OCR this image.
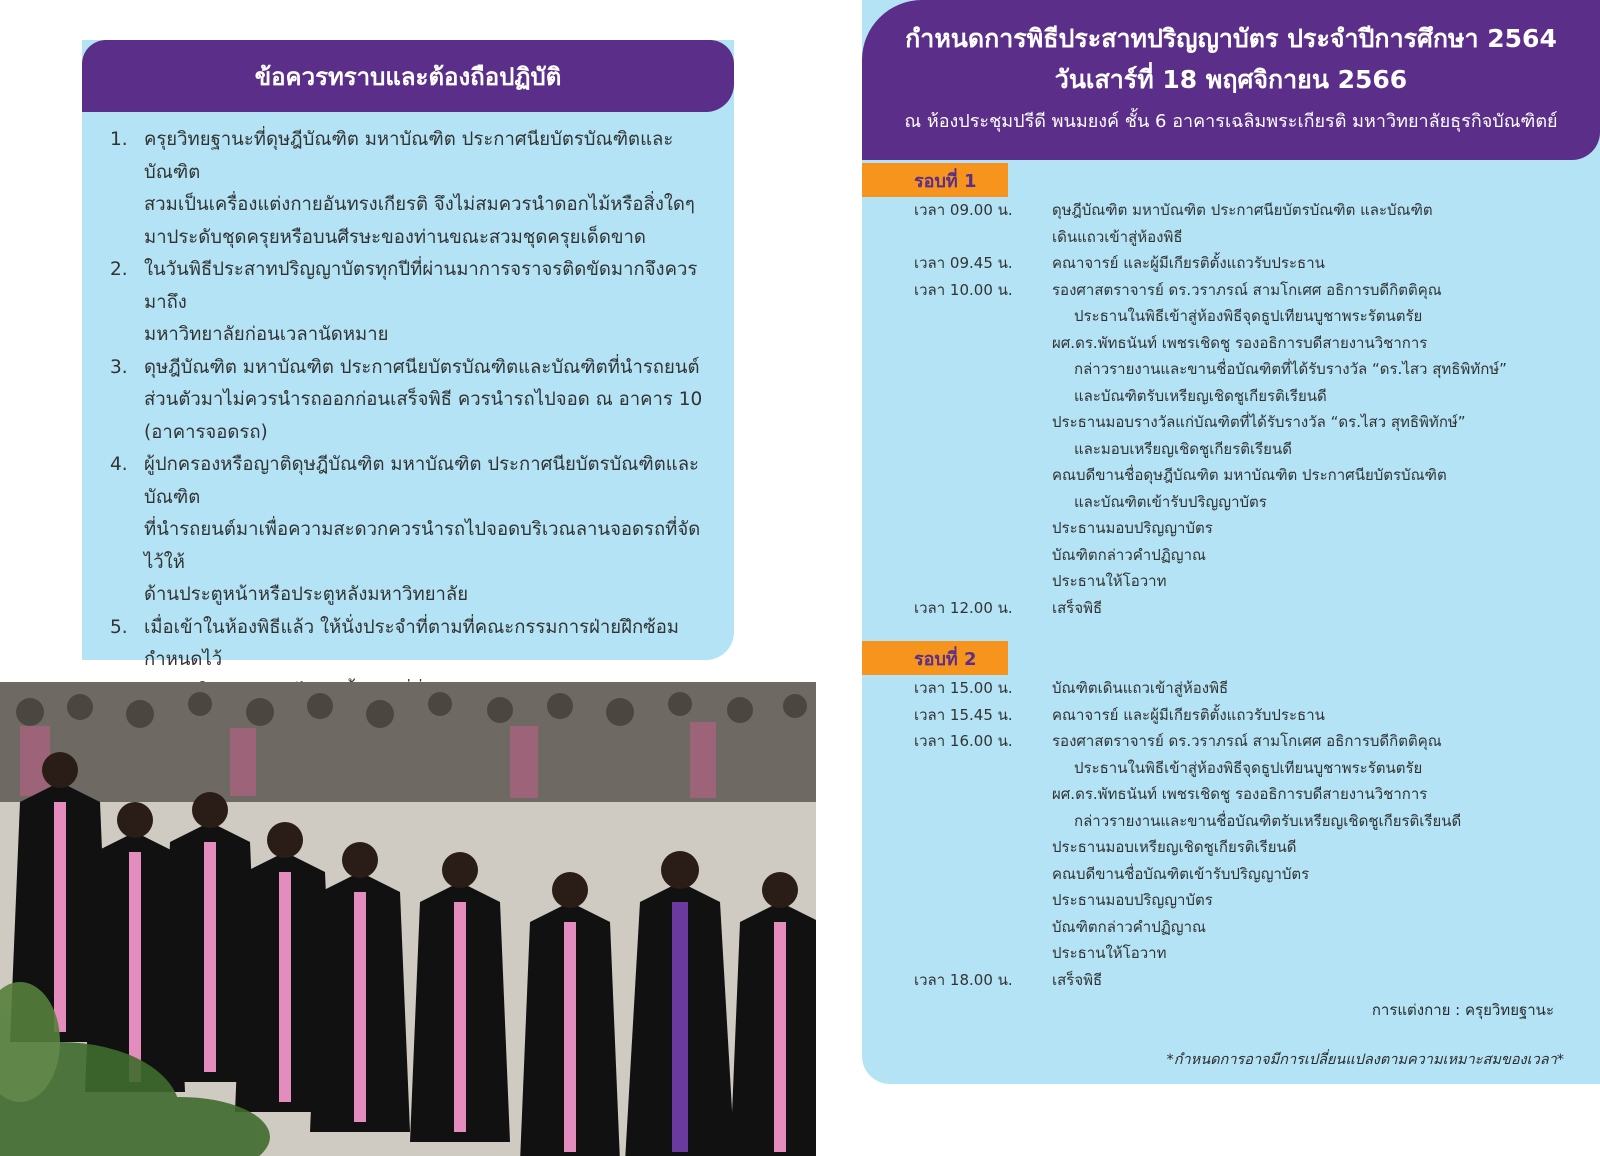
ข้อควรทราบและต้องถือปฏิบัติ
1. ครุยวิทยฐานะที่ดุษฎีบัณฑิต มหาบัณฑิต ประกาศนียบัตรบัณฑิตและบัณฑิต
สวมเป็นเครื่องแต่งกายอันทรงเกียรติ จึงไม่สมควรนำดอกไม้หรือสิ่งใดๆ
มาประดับชุดครุยหรือบนศีรษะของท่านขณะสวมชุดครุยเด็ดขาด
2. ในวันพิธีประสาทปริญญาบัตรทุกปีที่ผ่านมาการจราจรติดขัดมากจึงควรมาถึง
มหาวิทยาลัยก่อนเวลานัดหมาย
3. ดุษฎีบัณฑิต มหาบัณฑิต ประกาศนียบัตรบัณฑิตและบัณฑิตที่นำรถยนต์
ส่วนตัวมาไม่ควรนำรถออกก่อนเสร็จพิธี ควรนำรถไปจอด ณ อาคาร 10
(อาคารจอดรถ)
4. ผู้ปกครองหรือญาติดุษฎีบัณฑิต มหาบัณฑิต ประกาศนียบัตรบัณฑิตและบัณฑิต
ที่นำรถยนต์มาเพื่อความสะดวกควรนำรถไปจอดบริเวณลานจอดรถที่จัดไว้ให้
ด้านประตูหน้าหรือประตูหลังมหาวิทยาลัย
5. เมื่อเข้าในห้องพิธีแล้ว ให้นั่งประจำที่ตามที่คณะกรรมการฝ่ายฝึกซ้อมกำหนดไว้

กำหนดการพิธีประสาทปริญญาบัตร ประจำปีการศึกษา 2564
วันเสาร์ที่ 18 พฤศจิกายน 2566
ณ ห้องประชุมปรีดี พนมยงค์ ชั้น 6 อาคารเฉลิมพระเกียรติ มหาวิทยาลัยธุรกิจบัณฑิตย์
รอบที่ 1
เวลา 09.00 น.	ดุษฎีบัณฑิต มหาบัณฑิต ประกาศนียบัตรบัณฑิต และบัณฑิต
เดินแถวเข้าสู่ห้องพิธี
เวลา 09.45 น.	คณาจารย์ และผู้มีเกียรติตั้งแถวรับประธาน
เวลา 10.00 น.	รองศาสตราจารย์ ดร.วราภรณ์ สามโกเศศ อธิการบดีกิตติคุณ
ประธานในพิธีเข้าสู่ห้องพิธีจุดธูปเทียนบูชาพระรัตนตรัย
ผศ.ดร.พัทธนันท์ เพชรเชิดชู รองอธิการบดีสายงานวิชาการ
กล่าวรายงานและขานชื่อบัณฑิตที่ได้รับรางวัล “ดร.ไสว สุทธิพิทักษ์”
และบัณฑิตรับเหรียญเชิดชูเกียรติเรียนดี
ประธานมอบรางวัลแก่บัณฑิตที่ได้รับรางวัล “ดร.ไสว สุทธิพิทักษ์”
และมอบเหรียญเชิดชูเกียรติเรียนดี
คณบดีขานชื่อดุษฎีบัณฑิต มหาบัณฑิต ประกาศนียบัตรบัณฑิต
และบัณฑิตเข้ารับปริญญาบัตร
ประธานมอบปริญญาบัตร
บัณฑิตกล่าวคำปฏิญาณ
ประธานให้โอวาท
เวลา 12.00 น.	เสร็จพิธี
รอบที่ 2
เวลา 15.00 น.	บัณฑิตเดินแถวเข้าสู่ห้องพิธี
เวลา 15.45 น.	คณาจารย์ และผู้มีเกียรติตั้งแถวรับประธาน
เวลา 16.00 น.	รองศาสตราจารย์ ดร.วราภรณ์ สามโกเศศ อธิการบดีกิตติคุณ
ประธานในพิธีเข้าสู่ห้องพิธีจุดธูปเทียนบูชาพระรัตนตรัย
ผศ.ดร.พัทธนันท์ เพชรเชิดชู รองอธิการบดีสายงานวิชาการ
กล่าวรายงานและขานชื่อบัณฑิตรับเหรียญเชิดชูเกียรติเรียนดี
ประธานมอบเหรียญเชิดชูเกียรติเรียนดี
คณบดีขานชื่อบัณฑิตเข้ารับปริญญาบัตร
ประธานมอบปริญญาบัตร
บัณฑิตกล่าวคำปฏิญาณ
ประธานให้โอวาท
เวลา 18.00 น.	เสร็จพิธี
การแต่งกาย : ครุยวิทยฐานะ
*กำหนดการอาจมีการเปลี่ยนแปลงตามความเหมาะสมของเวลา*
